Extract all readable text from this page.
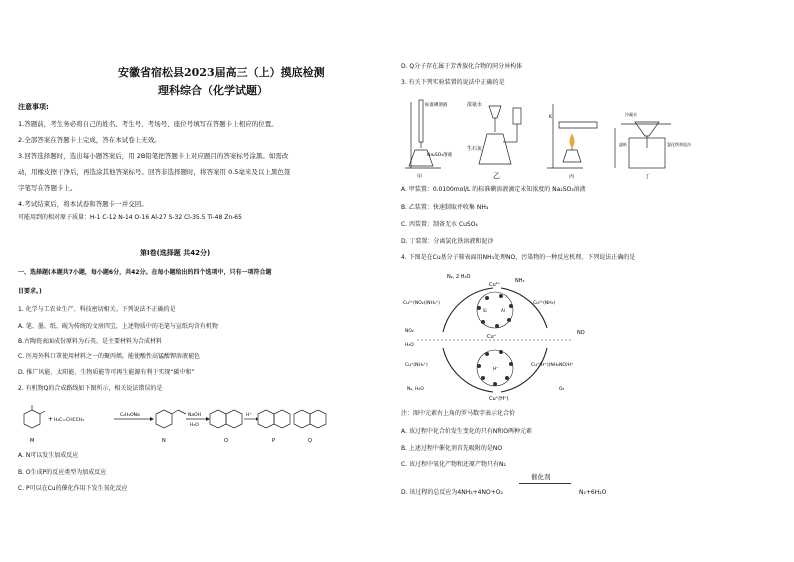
安徽省宿松县2023届高三（上）摸底检测
理科综合（化学试题）
注意事项:
1.答题前，考生务必将自己的姓名、考生号、考场号、座位号填写在答题卡上相应的位置。
2.全部答案在答题卡上完成，答在本试卷上无效。
3.回答选择题时，选出每小题答案后，用 2B铅笔把答题卡上对应题目的答案标号涂黑。如需改
动，用橡皮擦干净后，再选涂其他答案标号。回答非选择题时，将答案用 0.5毫米及以上黑色签
字笔写在答题卡上。
4.考试结束后，将本试卷和答题卡一并交回。
可能用到的相对原子质量：H-1 C-12 N-14 O-16 Al-27 S-32 Cl-35.5 Ti-48 Zn-65
第Ⅰ卷(选择题 共42分)
一、选择题(本题共7小题，每小题6分，共42分。在每小题给出的四个选项中，只有一项符合题
目要求。)
1. 化学与工农业生产、科技密切相关。下列说法不正确的是
A. 笔、墨、纸、砚为传统的文房四宝，上述物质中的毛笔与宣纸均含有机物
B.古陶瓷表面成份原料为石英，是主要材料为合成材料
C. 医用外科口罩使用材料之一的聚丙烯，能使酸性高锰酸钾溶液褪色
D. 推广风能、太阳能、生物质能等可再生能源有利于实现“碳中和”
2. 有机物Q的合成路线如下图所示，相关说法错误的是
+ H₂C=CHCCH₃
C₂H₅ONa	NaOH
H₂O
H⁺
M	N	O	P	Q
A. N可以发生加成反应
B. O生成P的反应类型为加成反应
C. P可以在Cu的催化作用下发生氧化反应
D. Q分子存在属于芳香族化合物的同分异构体
3. 有关下列实验装置的说法中正确的是
标准碘溶液
Na₂SO₃溶液
甲
浓氨水
生石灰
乙
K
丙
冷凝水
滤纸	氯化铁和泥沙
丁
A. 甲装置：0.0100mol/L 的标准碘溶液滴定未知浓度的 Na₂SO₃溶液
B. 乙装置：快速制取并收集 NH₃
C. 丙装置：制备无水 CuSO₄
D. 丁装置：分离氯化铁溶液和泥沙
4. 下图是在Cu基分子筛表面用NH₃处理NO，污染物的一种反应机理。下列说法正确的是
N₂, 2 H₂O
NH₃
Cu²⁺
Cu²⁺(NO₂)(NH₄⁺)	Cu²⁺(NH₃)
Si	Al
NO₂
H₂O
NO
Cu⁺
H⁺
Cu⁺(NH₄⁺)	Cu⁺(H⁺)(NH₂NO)H⁺
Cu⁺(H⁺)
N₂, H₂O	O₂
注：图中元素右上角的罗马数字表示化合价
A. 该过程中化合价发生变化的只有N和O两种元素
B. 上述过程中催化剂首先吸附的是NO
C. 该过程中氧化产物和还原产物只有N₂
催化剂
D. 该过程的总反应为4NH₃+4NO+O₂	N₂+6H₂O
